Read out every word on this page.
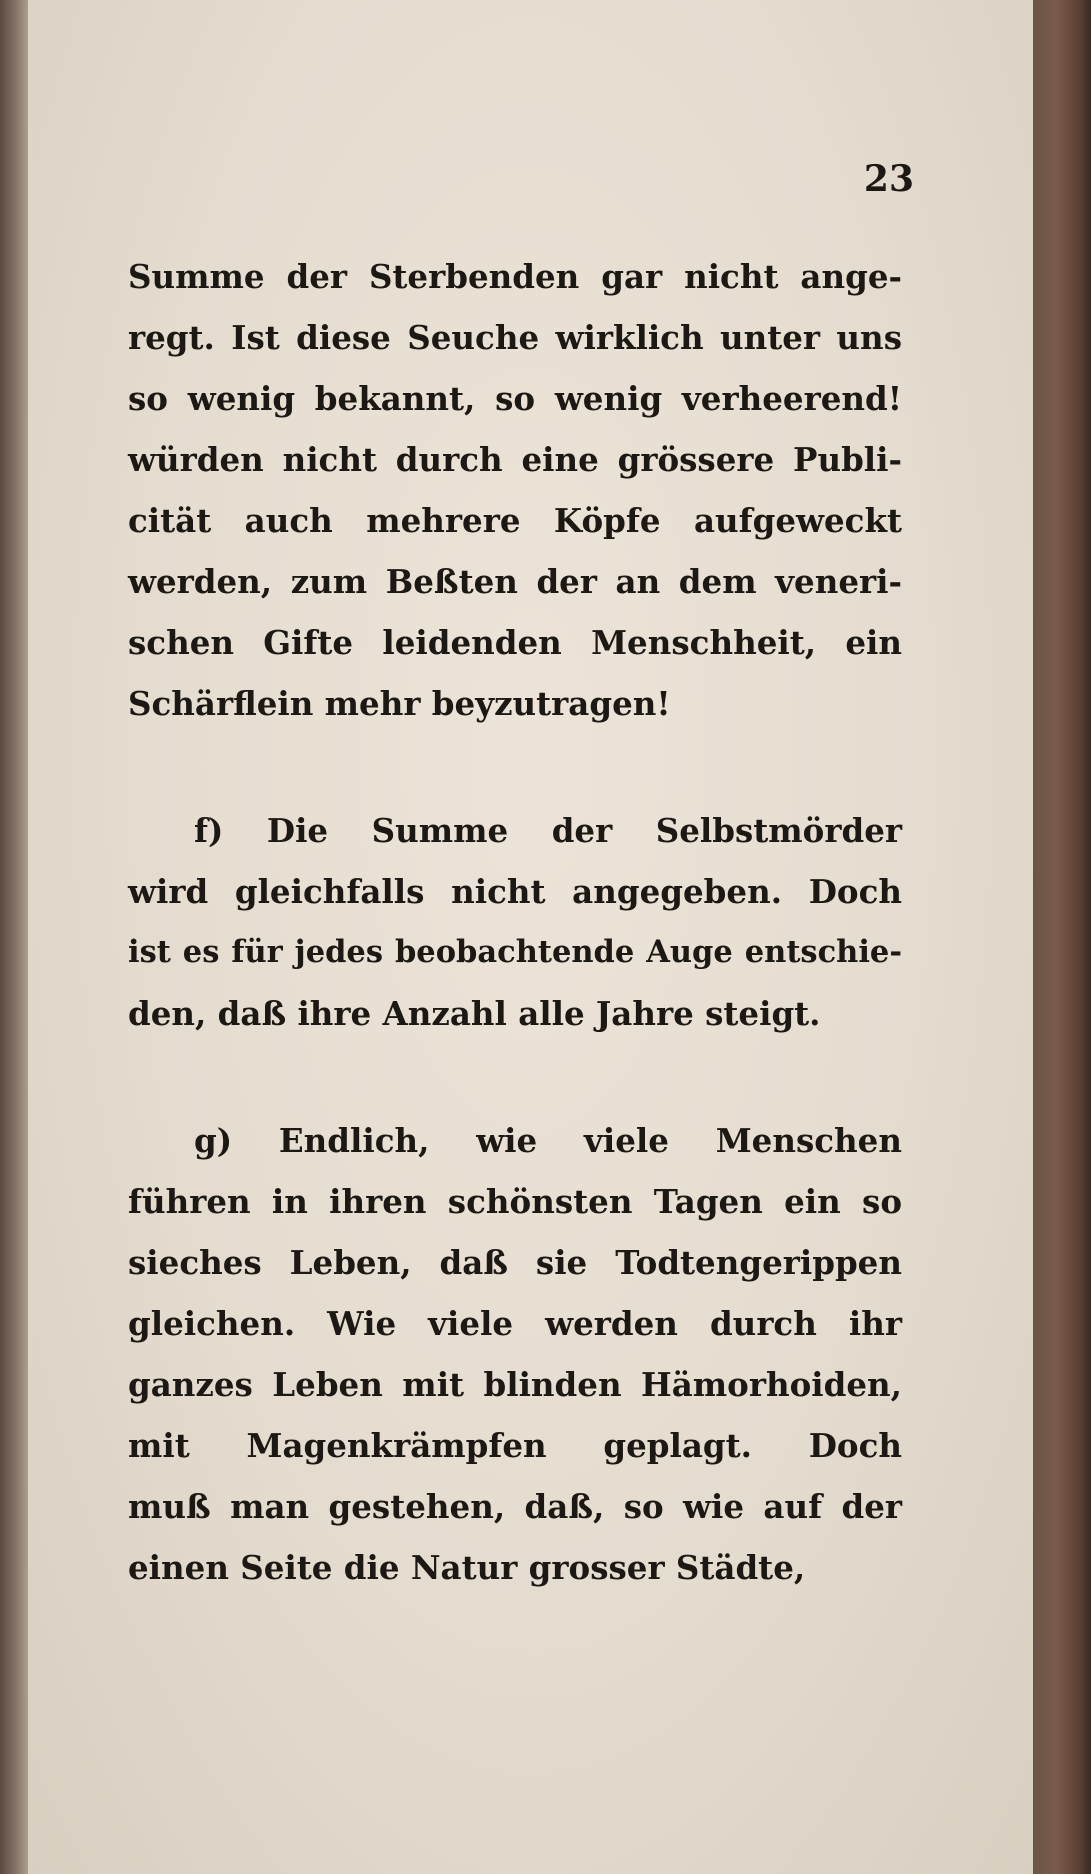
23
Summe der Sterbenden gar nicht ange-
regt. Ist diese Seuche wirklich unter uns
so wenig bekannt, so wenig verheerend!
würden nicht durch eine grössere Publi-
cität auch mehrere Köpfe aufgeweckt
werden, zum Beßten der an dem veneri-
schen Gifte leidenden Menschheit, ein
Schärflein mehr beyzutragen!
f) Die Summe der Selbstmörder
wird gleichfalls nicht angegeben. Doch
ist es für jedes beobachtende Auge entschie-
den, daß ihre Anzahl alle Jahre steigt.
g) Endlich, wie viele Menschen
führen in ihren schönsten Tagen ein so
sieches Leben, daß sie Todtengerippen
gleichen. Wie viele werden durch ihr
ganzes Leben mit blinden Hämorhoiden,
mit Magenkrämpfen geplagt. Doch
muß man gestehen, daß, so wie auf der
einen Seite die Natur grosser Städte,
